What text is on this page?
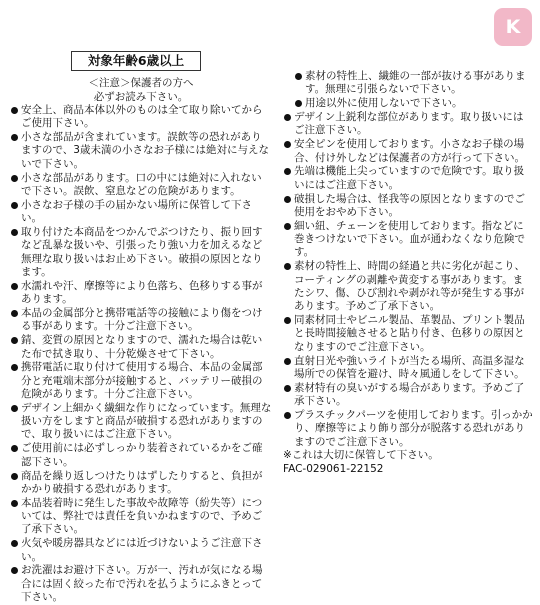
K
対象年齢6歳以上
＜注意＞保護者の方へ
必ずお読み下さい。
安全上、商品本体以外のものは全て取り除いてからご使用下さい。
小さな部品が含まれています。誤飲等の恐れがありますので、3歳未満の小さなお子様には絶対に与えないで下さい。
小さな部品があります。口の中には絶対に入れないで下さい。誤飲、窒息などの危険があります。
小さなお子様の手の届かない場所に保管して下さい。
取り付けた本商品をつかんでぶつけたり、振り回すなど乱暴な扱いや、引張ったり強い力を加えるなど無理な取り扱いはお止め下さい。破損の原因となります。
水濡れや汗、摩擦等により色落ち、色移りする事があります。
本品の金属部分と携帯電話等の接触により傷をつける事があります。十分ご注意下さい。
錆、変質の原因となりますので、濡れた場合は乾いた布で拭き取り、十分乾燥させて下さい。
携帯電話に取り付けて使用する場合、本品の金属部分と充電端末部分が接触すると、バッテリー破損の危険があります。十分ご注意下さい。
デザイン上細かく繊細な作りになっています。無理な扱い方をしますと商品が破損する恐れがありますので、取り扱いにはご注意下さい。
ご使用前には必ずしっかり装着されているかをご確認下さい。
商品を繰り返しつけたりはずしたりすると、負担がかかり破損する恐れがあります。
本品装着時に発生した事故や故障等（紛失等）については、弊社では責任を負いかねますので、予めご了承下さい。
火気や暖房器具などには近づけないようご注意下さい。
お洗濯はお避け下さい。万が一、汚れが気になる場合には固く絞った布で汚れを払うようにふきとって下さい。
素材の特性上、繊維の一部が抜ける事があります。無理に引張らないで下さい。
用途以外に使用しないで下さい。
デザイン上鋭利な部位があります。取り扱いにはご注意下さい。
安全ピンを使用しております。小さなお子様の場合、付け外しなどは保護者の方が行って下さい。
先端は機能上尖っていますので危険です。取り扱いにはご注意下さい。
破損した場合は、怪我等の原因となりますのでご使用をおやめ下さい。
細い紐、チェーンを使用しております。指などに巻きつけないで下さい。血が通わなくなり危険です。
素材の特性上、時間の経過と共に劣化が起こり、コーティングの剥離や黄変する事があります。またシワ、傷、ひび割れや剥がれ等が発生する事があります。予めご了承下さい。
同素材同士やビニル製品、革製品、プリント製品と長時間接触させると貼り付き、色移りの原因となりますのでご注意下さい。
直射日光や強いライトが当たる場所、高温多湿な場所での保管を避け、時々風通しをして下さい。
素材特有の臭いがする場合があります。予めご了承下さい。
プラスチックパーツを使用しております。引っかかり、摩擦等により飾り部分が脱落する恐れがありますのでご注意下さい。
※これは大切に保管して下さい。
FAC-029061-22152
